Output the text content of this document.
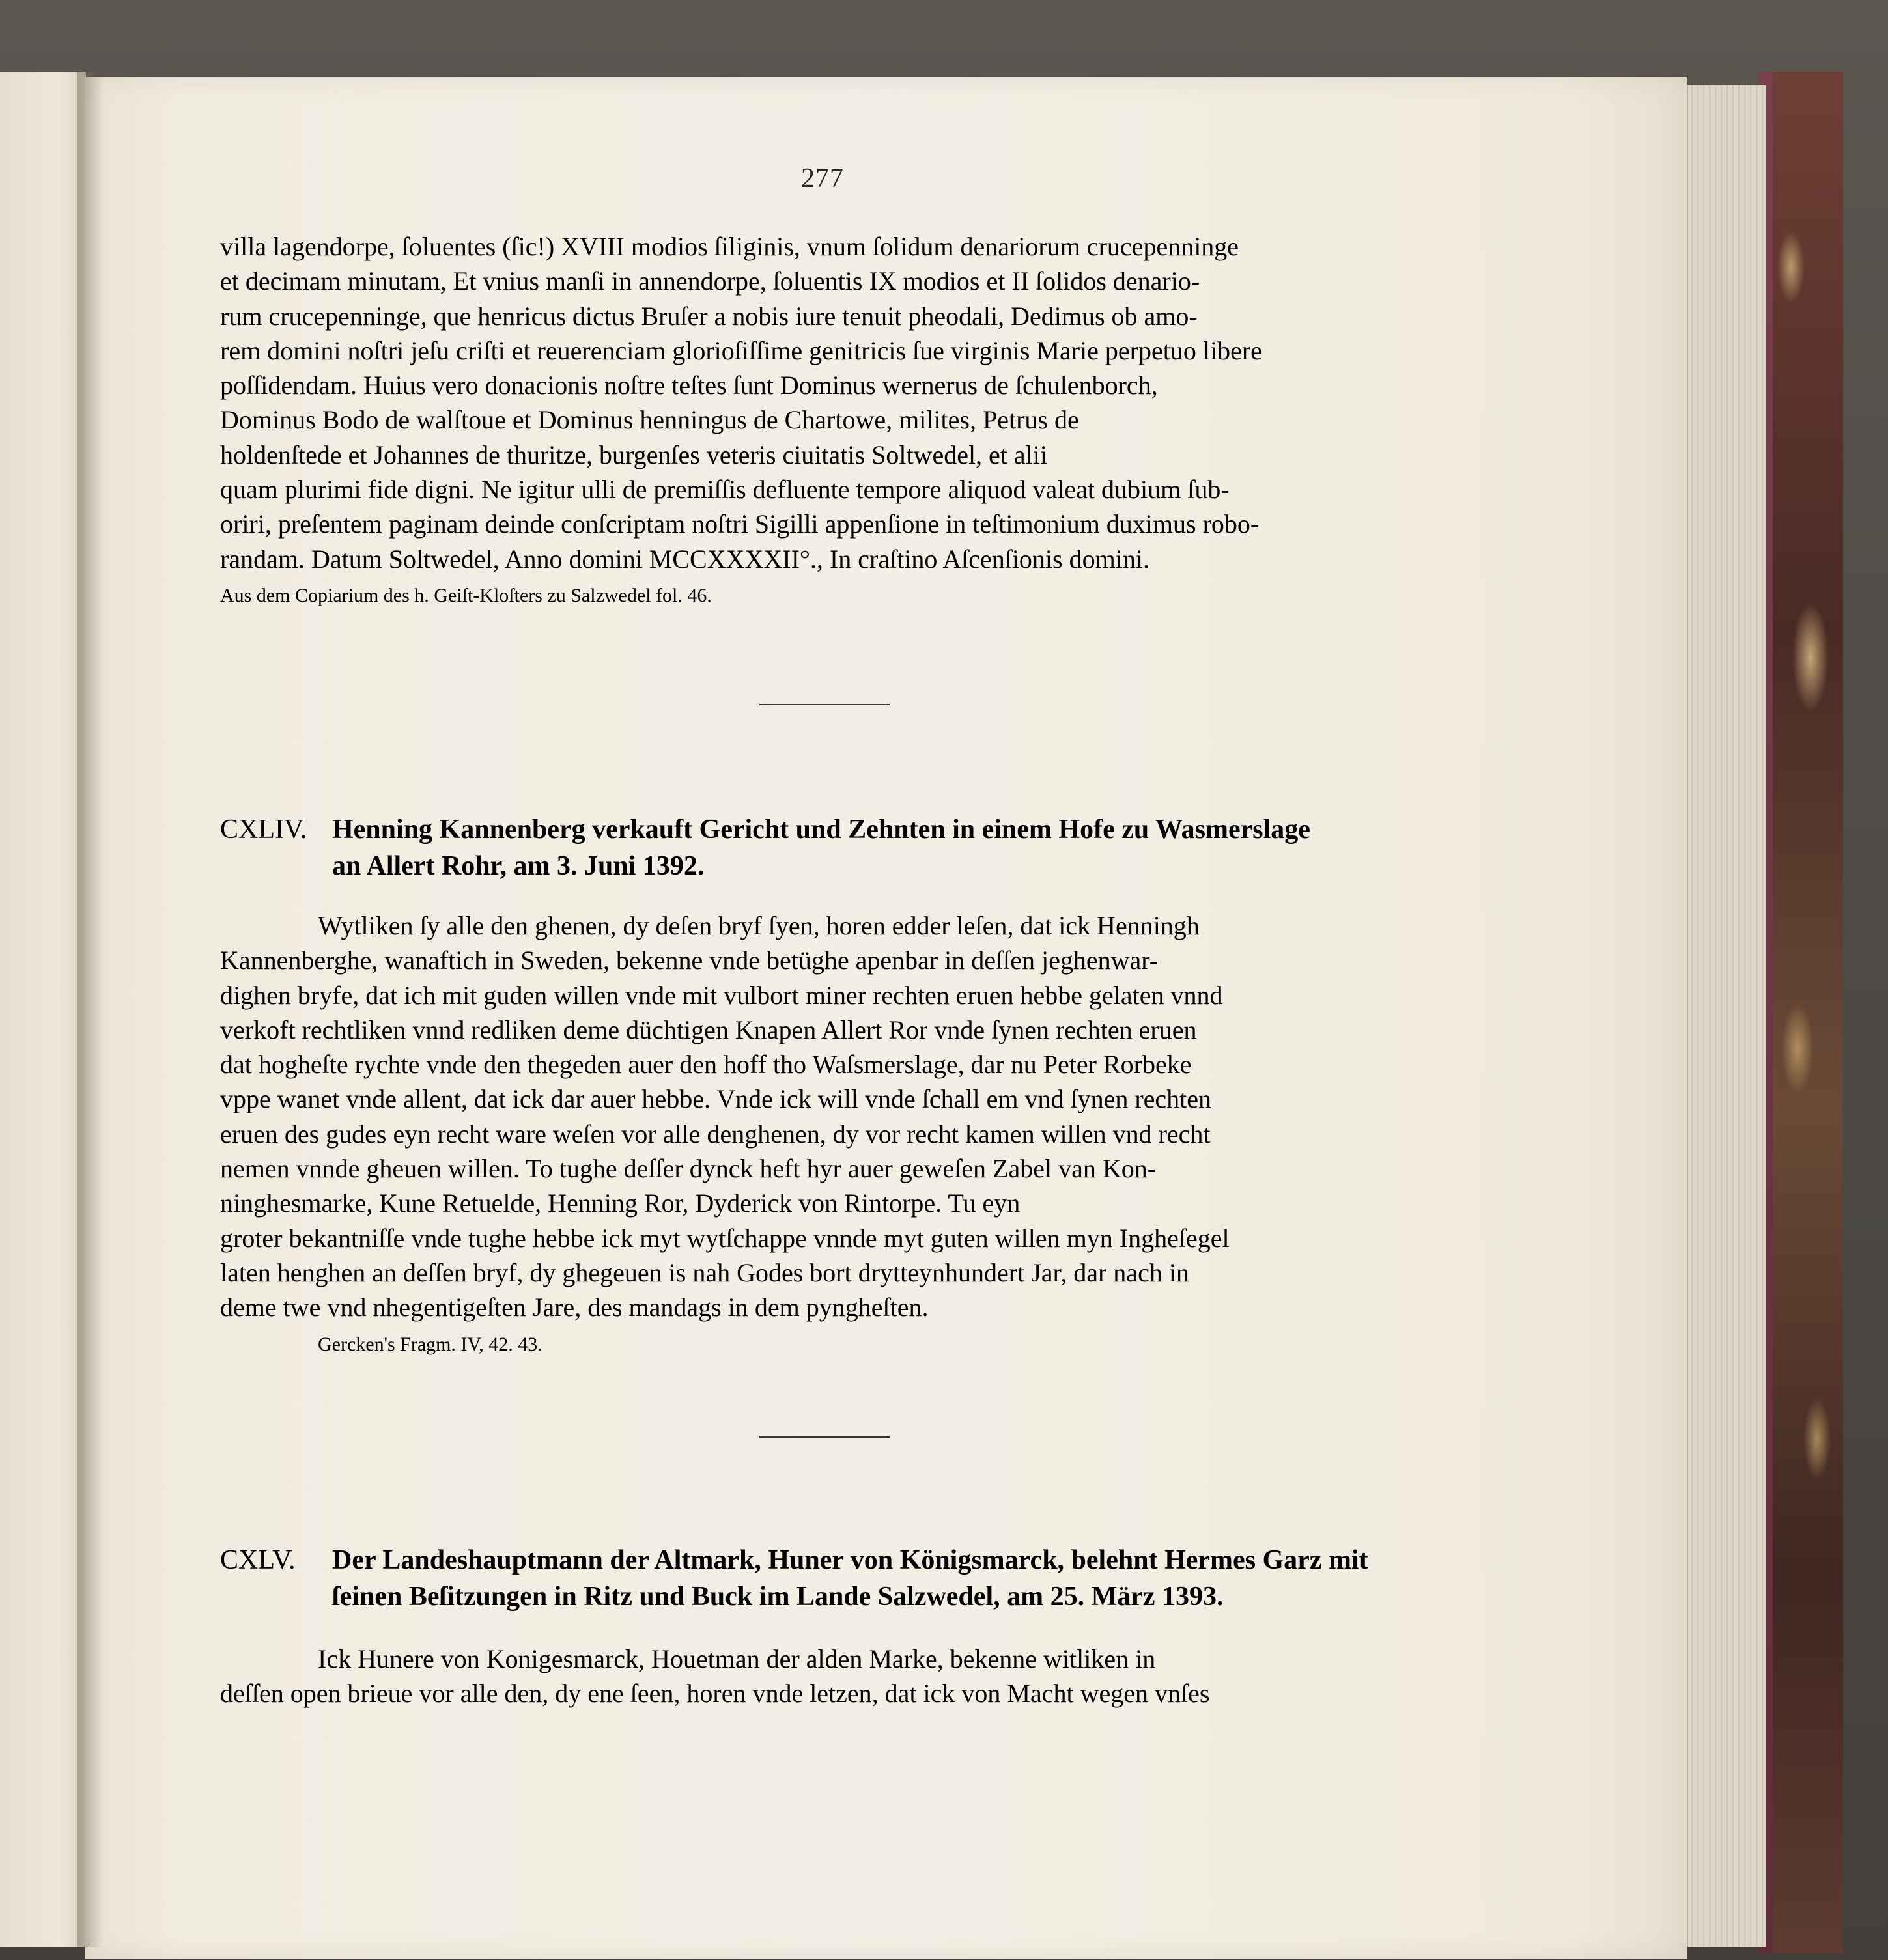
277

villa lagendorpe, ſoluentes (ſic!) XVIII modios ſiliginis, vnum ſolidum denariorum crucepenninge
et decimam minutam, Et vnius manſi in annendorpe, ſoluentis IX modios et II ſolidos denario-
rum crucepenninge, que henricus dictus Bruſer a nobis iure tenuit pheodali, Dedimus ob amo-
rem domini noſtri jeſu criſti et reuerenciam glorioſiſſime genitricis ſue virginis Marie perpetuo libere
poſſidendam. Huius vero donacionis noſtre teſtes ſunt Dominus wernerus de ſchulenborch,
Dominus Bodo de walſtoue et Dominus henningus de Chartowe, milites, Petrus de
holdenſtede et Johannes de thuritze, burgenſes veteris ciuitatis Soltwedel, et alii
quam plurimi fide digni. Ne igitur ulli de premiſſis defluente tempore aliquod valeat dubium ſub-
oriri, preſentem paginam deinde conſcriptam noſtri Sigilli appenſione in teſtimonium duximus robo-
randam. Datum Soltwedel, Anno domini MCCXXXXII°., In craſtino Aſcenſionis domini.

Aus dem Copiarium des h. Geiſt-Kloſters zu Salzwedel fol. 46.

CXLIV. Henning Kannenberg verkauft Gericht und Zehnten in einem Hofe zu Wasmerslage
an Allert Rohr, am 3. Juni 1392.

Wytliken ſy alle den ghenen, dy deſen bryf ſyen, horen edder leſen, dat ick Henningh
Kannenberghe, wanaftich in Sweden, bekenne vnde betüghe apenbar in deſſen jeghenwar-
dighen bryfe, dat ich mit guden willen vnde mit vulbort miner rechten eruen hebbe gelaten vnnd
verkoft rechtliken vnnd redliken deme düchtigen Knapen Allert Ror vnde ſynen rechten eruen
dat hogheſte rychte vnde den thegeden auer den hoff tho Waſsmerslage, dar nu Peter Rorbeke
vppe wanet vnde allent, dat ick dar auer hebbe. Vnde ick will vnde ſchall em vnd ſynen rechten
eruen des gudes eyn recht ware weſen vor alle denghenen, dy vor recht kamen willen vnd recht
nemen vnnde gheuen willen. To tughe deſſer dynck heft hyr auer geweſen Zabel van Kon-
ninghesmarke, Kune Retuelde, Henning Ror, Dyderick von Rintorpe. Tu eyn
groter bekantniſſe vnde tughe hebbe ick myt wytſchappe vnnde myt guten willen myn Ingheſegel
laten henghen an deſſen bryf, dy ghegeuen is nah Godes bort drytteynhundert Jar, dar nach in
deme twe vnd nhegentigeſten Jare, des mandags in dem pyngheſten.

Gercken's Fragm. IV, 42. 43.

CXLV. Der Landeshauptmann der Altmark, Huner von Königsmarck, belehnt Hermes Garz mit
ſeinen Beſitzungen in Ritz und Buck im Lande Salzwedel, am 25. März 1393.

Ick Hunere von Konigesmarck, Houetman der alden Marke, bekenne witliken in
deſſen open brieue vor alle den, dy ene ſeen, horen vnde letzen, dat ick von Macht wegen vnſes
